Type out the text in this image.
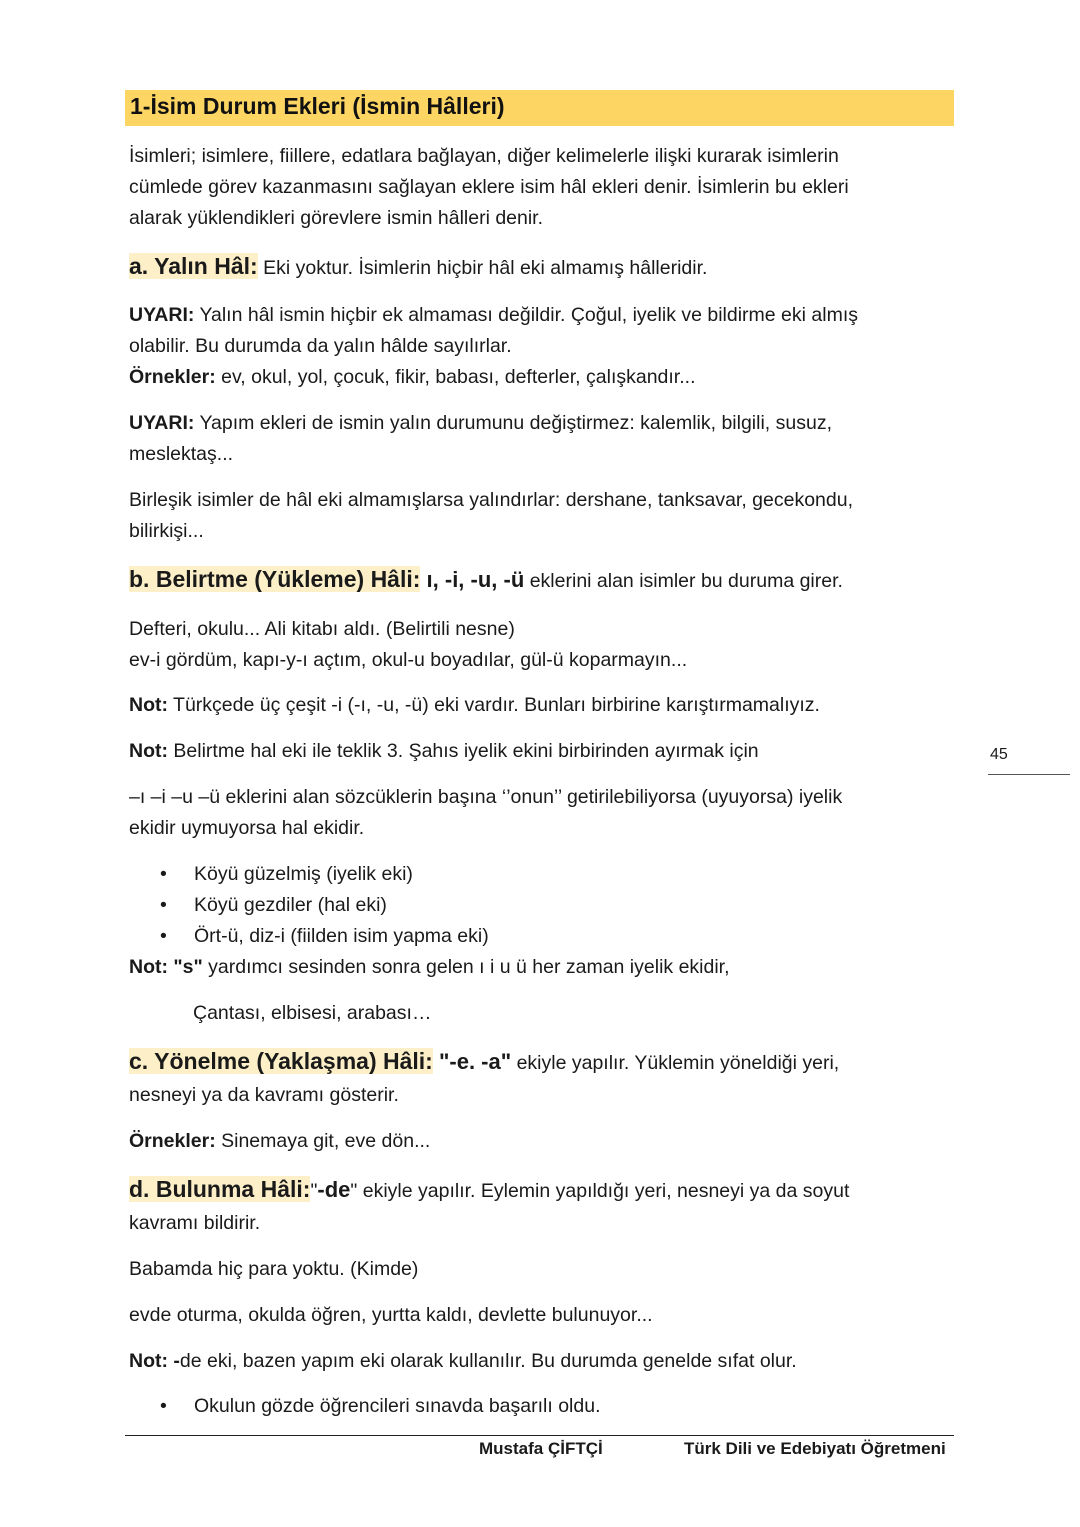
1-İsim Durum Ekleri (İsmin Hâlleri)

İsimleri; isimlere, fiillere, edatlara bağlayan, diğer kelimelerle ilişki kurarak isimlerin

cümlede görev kazanmasını sağlayan eklere isim hâl ekleri denir. İsimlerin bu ekleri

alarak yüklendikleri görevlere ismin hâlleri denir.

a. Yalın Hâl: Eki yoktur. İsimlerin hiçbir hâl eki almamış hâlleridir.

UYARI: Yalın hâl ismin hiçbir ek almaması değildir. Çoğul, iyelik ve bildirme eki almış

olabilir. Bu durumda da yalın hâlde sayılırlar.

Örnekler: ev, okul, yol, çocuk, fikir, babası, defterler, çalışkandır...

UYARI: Yapım ekleri de ismin yalın durumunu değiştirmez: kalemlik, bilgili, susuz,

meslektaş...

Birleşik isimler de hâl eki almamışlarsa yalındırlar: dershane, tanksavar, gecekondu,

bilirkişi...

b. Belirtme (Yükleme) Hâli: ı, -i, -u, -ü eklerini alan isimler bu duruma girer.

Defteri, okulu... Ali kitabı aldı. (Belirtili nesne)

ev-i gördüm, kapı-y-ı açtım, okul-u boyadılar, gül-ü koparmayın...

Not: Türkçede üç çeşit -i (-ı, -u, -ü) eki vardır. Bunları birbirine karıştırmamalıyız.

Not: Belirtme hal eki ile teklik 3. Şahıs iyelik ekini birbirinden ayırmak için

–ı –i –u –ü eklerini alan sözcüklerin başına ‘’onun’’ getirilebiliyorsa (uyuyorsa) iyelik

ekidir uymuyorsa hal ekidir.

• Köyü güzelmiş (iyelik eki)
• Köyü gezdiler (hal eki)
• Ört-ü, diz-i (fiilden isim yapma eki)

Not: "s" yardımcı sesinden sonra gelen ı i u ü her zaman iyelik ekidir,

Çantası, elbisesi, arabası…

c. Yönelme (Yaklaşma) Hâli: "-e. -a" ekiyle yapılır. Yüklemin yöneldiği yeri,

nesneyi ya da kavramı gösterir.

Örnekler: Sinemaya git, eve dön...

d. Bulunma Hâli:"-de" ekiyle yapılır. Eylemin yapıldığı yeri, nesneyi ya da soyut

kavramı bildirir.

Babamda hiç para yoktu. (Kimde)

evde oturma, okulda öğren, yurtta kaldı, devlette bulunuyor...

Not: -de eki, bazen yapım eki olarak kullanılır. Bu durumda genelde sıfat olur.

• Okulun gözde öğrencileri sınavda başarılı oldu.
45
Mustafa ÇİFTÇİ	Türk Dili ve Edebiyatı Öğretmeni
